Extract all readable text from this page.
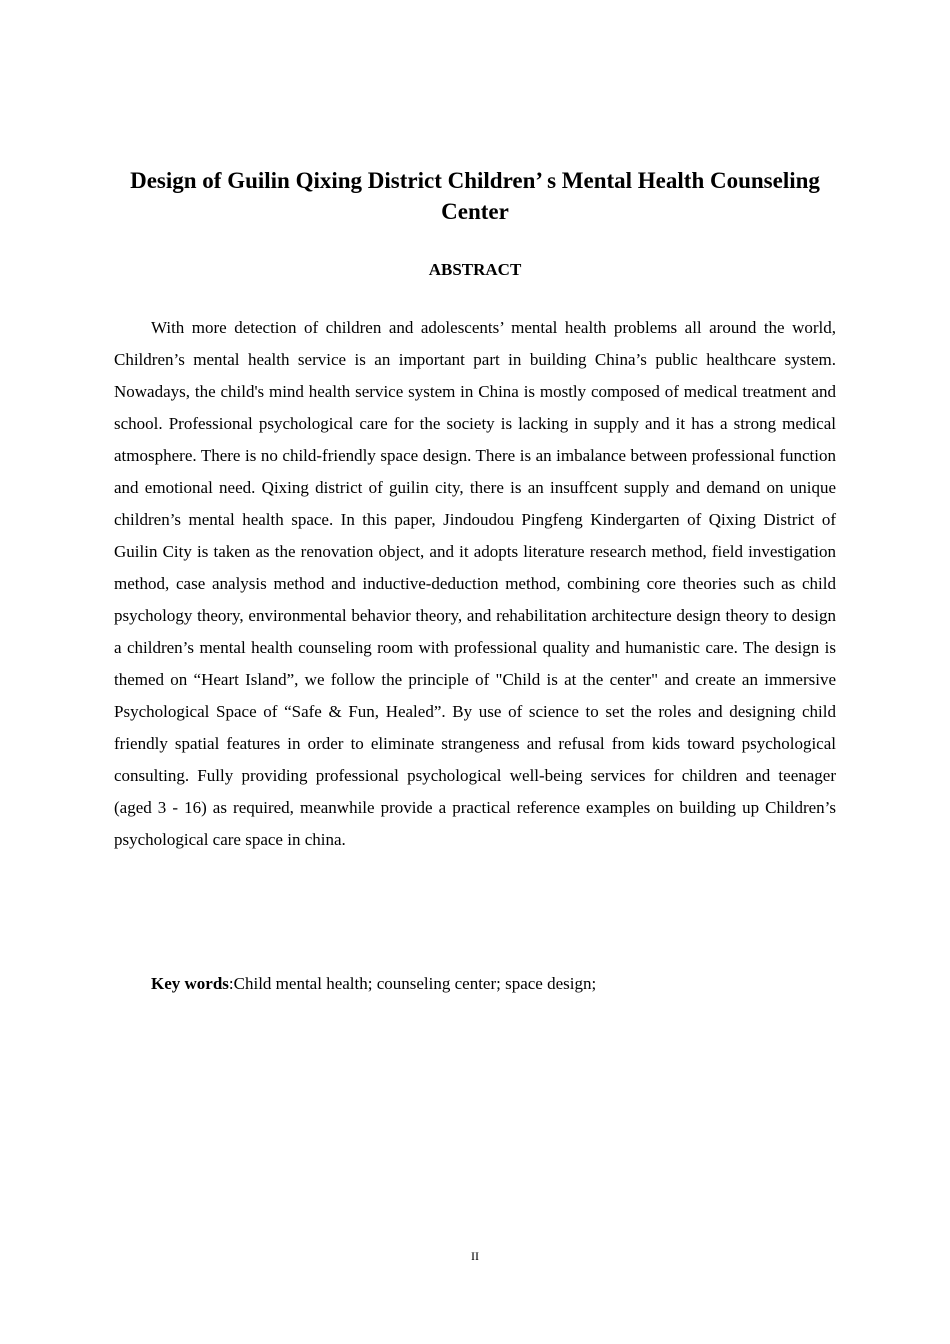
Design of Guilin Qixing District Children’ s Mental Health Counseling Center
ABSTRACT

With more detection of children and adolescents’ mental health problems all around the world, Children’s mental health service is an important part in building China’s public healthcare system. Nowadays, the child's mind health service system in China is mostly composed of medical treatment and school. Professional psychological care for the society is lacking in supply and it has a strong medical atmosphere. There is no child-friendly space design. There is an imbalance between professional function and emotional need. Qixing district of guilin city, there is an insuffcent supply and demand on unique children’s mental health space. In this paper, Jindoudou Pingfeng Kindergarten of Qixing District of Guilin City is taken as the renovation object, and it adopts literature research method, field investigation method, case analysis method and inductive-deduction method, combining core theories such as child psychology theory, environmental behavior theory, and rehabilitation architecture design theory to design a children’s mental health counseling room with professional quality and humanistic care. The design is themed on “Heart Island”, we follow the principle of "Child is at the center" and create an immersive Psychological Space of “Safe & Fun, Healed”. By use of science to set the roles and designing child friendly spatial features in order to eliminate strangeness and refusal from kids toward psychological consulting. Fully providing professional psychological well-being services for children and teenager (aged 3 - 16) as required, meanwhile provide a practical reference examples on building up Children’s psychological care space in china.

Key words:Child mental health; counseling center; space design;

II
